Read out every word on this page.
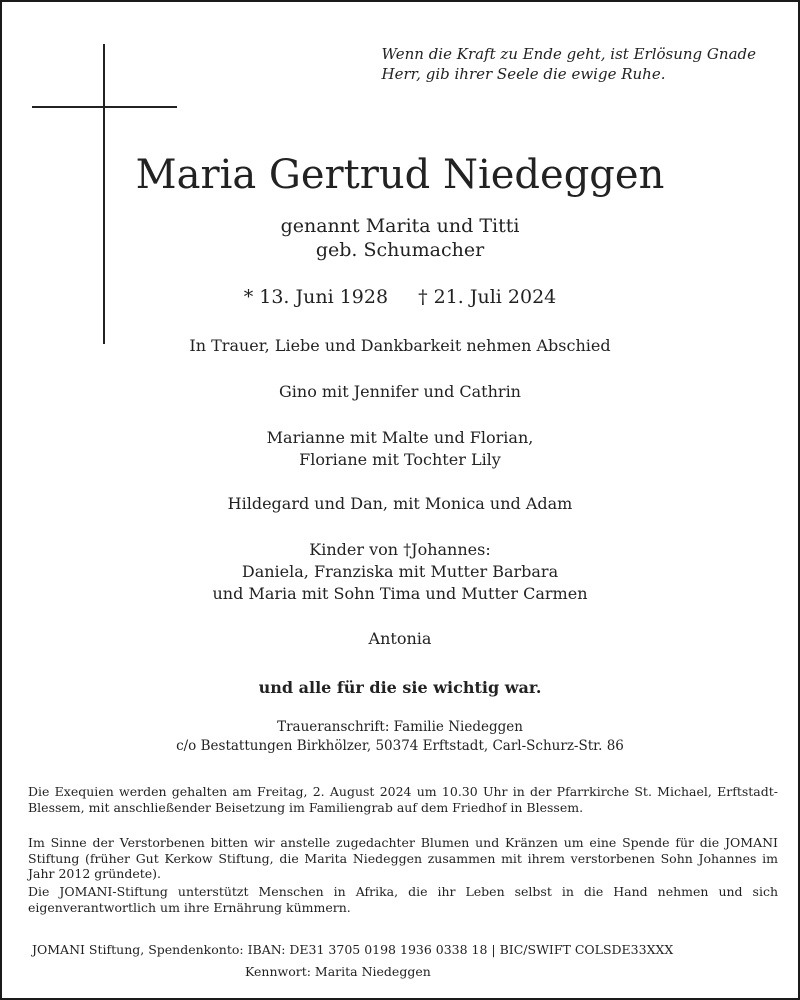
Wenn die Kraft zu Ende geht, ist Erlösung Gnade
Herr, gib ihrer Seele die ewige Ruhe.
Maria Gertrud Niedeggen
genannt Marita und Titti
geb. Schumacher
* 13. Juni 1928 † 21. Juli 2024
In Trauer, Liebe und Dankbarkeit nehmen Abschied
Gino mit Jennifer und Cathrin
Marianne mit Malte und Florian,
Floriane mit Tochter Lily
Hildegard und Dan, mit Monica und Adam
Kinder von †Johannes:
Daniela, Franziska mit Mutter Barbara
und Maria mit Sohn Tima und Mutter Carmen
Antonia
und alle für die sie wichtig war.
Traueranschrift: Familie Niedeggen
c/o Bestattungen Birkhölzer, 50374 Erftstadt, Carl-Schurz-Str. 86
Die Exequien werden gehalten am Freitag, 2. August 2024 um 10.30 Uhr in der Pfarrkirche St. Michael, Erftstadt-Blessem, mit anschließender Beisetzung im Familiengrab auf dem Friedhof in Blessem.
Im Sinne der Verstorbenen bitten wir anstelle zugedachter Blumen und Kränzen um eine Spende für die JOMANI Stiftung (früher Gut Kerkow Stiftung, die Marita Niedeggen zusammen mit ihrem verstorbenen Sohn Johannes im Jahr 2012 gründete).
Die JOMANI-Stiftung unterstützt Menschen in Afrika, die ihr Leben selbst in die Hand nehmen und sich eigenverantwortlich um ihre Ernährung kümmern.
JOMANI Stiftung, Spendenkonto: IBAN: DE31 3705 0198 1936 0338 18 | BIC/SWIFT COLSDE33XXX
Kennwort: Marita Niedeggen
